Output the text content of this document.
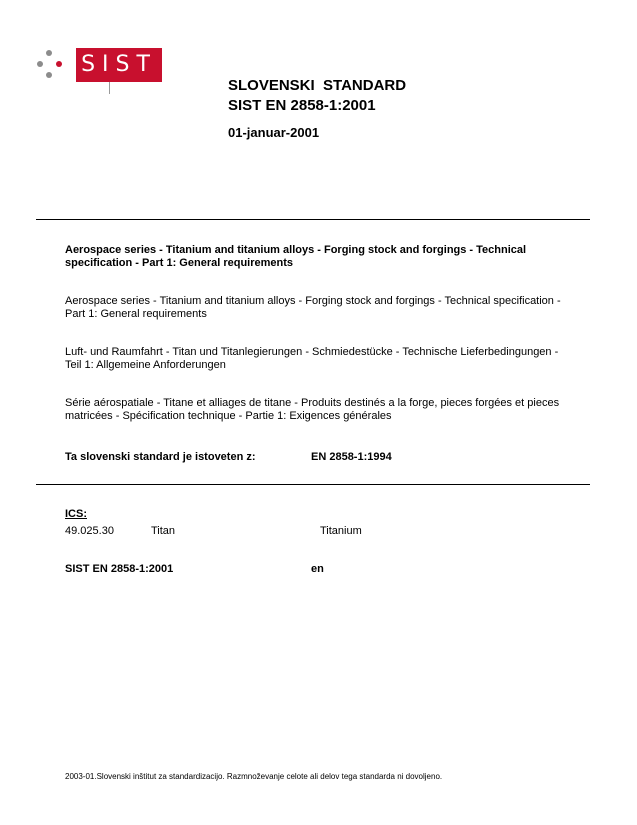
SIST

SLOVENSKI  STANDARD

SIST EN 2858-1:2001

01-januar-2001
Aerospace series - Titanium and titanium alloys - Forging stock and forgings - Technical specification - Part 1: General requirements
Aerospace series - Titanium and titanium alloys - Forging stock and forgings - Technical specification - Part 1: General requirements
Luft- und Raumfahrt - Titan und Titanlegierungen - Schmiedestücke - Technische Lieferbedingungen - Teil 1: Allgemeine Anforderungen
Série aérospatiale - Titane et alliages de titane - Produits destinés a la forge, pieces forgées et pieces matricées - Spécification technique - Partie 1: Exigences générales
Ta slovenski standard je istoveten z:	EN 2858-1:1994
ICS:
49.025.30	Titan	Titanium
SIST EN 2858-1:2001	en
2003-01.Slovenski inštitut za standardizacijo. Razmnoževanje celote ali delov tega standarda ni dovoljeno.
